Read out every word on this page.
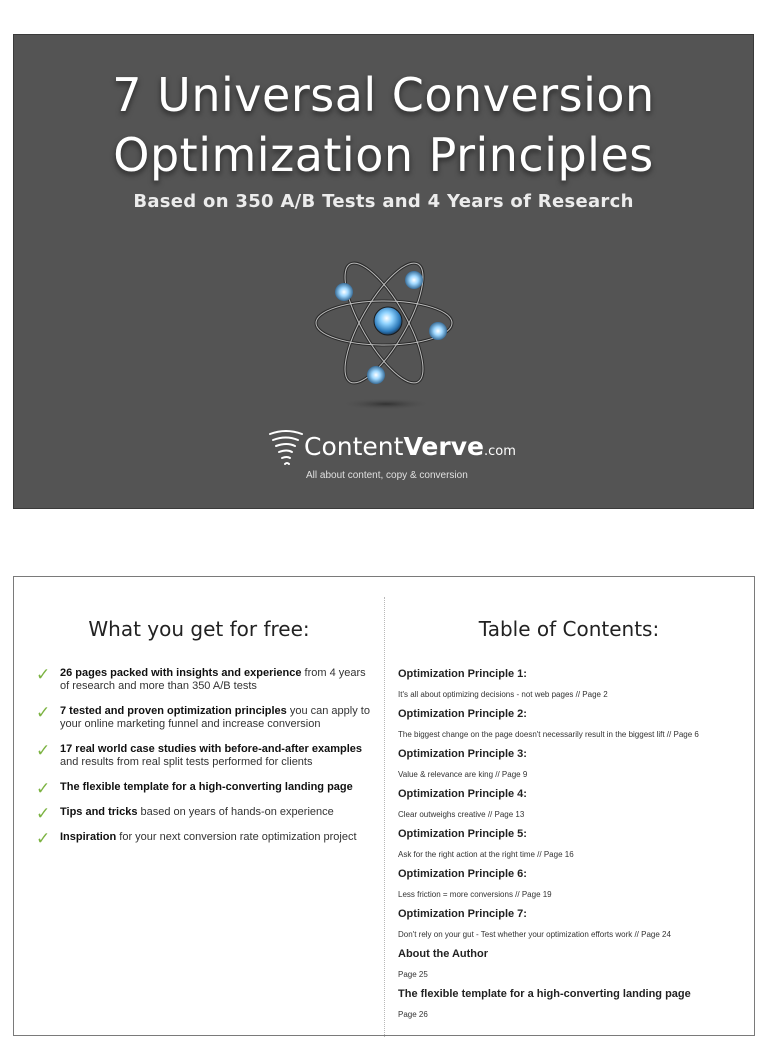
7 Universal Conversion
Optimization Principles
Based on 350 A/B Tests and 4 Years of Research
ContentVerve.com
All about content, copy & conversion
What you get for free:
✓ 26 pages packed with insights and experience from 4 years of research and more than 350 A/B tests
✓ 7 tested and proven optimization principles you can apply to your online marketing funnel and increase conversion
✓ 17 real world case studies with before-and-after examples and results from real split tests performed for clients
✓ The flexible template for a high-converting landing page
✓ Tips and tricks based on years of hands-on experience
✓ Inspiration for your next conversion rate optimization project
Table of Contents:
Optimization Principle 1:
It's all about optimizing decisions - not web pages // Page 2
Optimization Principle 2:
The biggest change on the page doesn't necessarily result in the biggest lift // Page 6
Optimization Principle 3:
Value & relevance are king // Page 9
Optimization Principle 4:
Clear outweighs creative // Page 13
Optimization Principle 5:
Ask for the right action at the right time // Page 16
Optimization Principle 6:
Less friction = more conversions // Page 19
Optimization Principle 7:
Don't rely on your gut - Test whether your optimization efforts work // Page 24
About the Author
Page 25
The flexible template for a high-converting landing page
Page 26
